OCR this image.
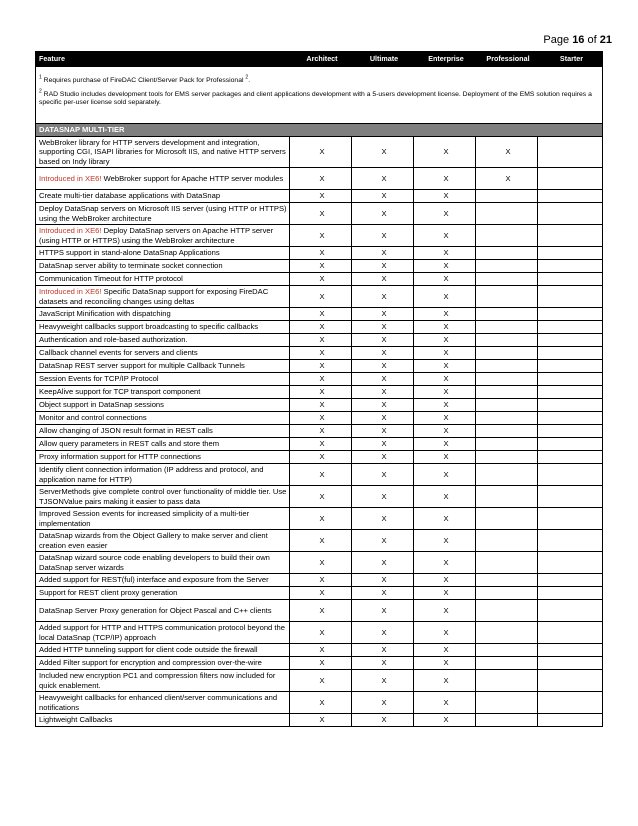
Page 16 of 21
Feature	Architect	Ultimate	Enterprise	Professional	Starter

$^1$ Requires purchase of FireDAC Client/Server Pack for Professional $^2$.

$^2$ RAD Studio includes development tools for EMS server packages and client applications development with a 5-users development license. Deployment of the EMS solution requires a specific per-user license sold separately.					

DATASNAP MULTI-TIER					
WebBroker library for HTTP servers development and integration, supporting CGI, ISAPI libraries for Microsoft IIS, and native HTTP servers based on Indy library	X	X	X	X	
Introduced in XE6! WebBroker support for Apache HTTP server modules	X	X	X	X	
Create multi-tier database applications with DataSnap	X	X	X		
Deploy DataSnap servers on Microsoft IIS server (using HTTP or HTTPS) using the WebBroker architecture	X	X	X		
Introduced in XE6! Deploy DataSnap servers on Apache HTTP server (using HTTP or HTTPS) using the WebBroker architecture	X	X	X		
HTTPS support in stand-alone DataSnap Applications	X	X	X		
DataSnap server ability to terminate socket connection	X	X	X		
Communication Timeout for HTTP protocol	X	X	X		
Introduced in XE6! Specific DataSnap support for exposing FireDAC datasets and reconciling changes using deltas	X	X	X		
JavaScript Minification with dispatching	X	X	X		
Heavyweight callbacks support broadcasting to specific callbacks	X	X	X		
Authentication and role-based authorization.	X	X	X		
Callback channel events for servers and clients	X	X	X		
DataSnap REST server support for multiple Callback Tunnels	X	X	X		
Session Events for TCP/IP Protocol	X	X	X		
KeepAlive support for TCP transport component	X	X	X		
Object support in DataSnap sessions	X	X	X		
Monitor and control connections	X	X	X		
Allow changing of JSON result format in REST calls	X	X	X		
Allow query parameters in REST calls and store them	X	X	X		
Proxy information support for HTTP connections	X	X	X		
Identify client connection information (IP address and protocol, and application name for HTTP)	X	X	X		
ServerMethods give complete control over functionality of middle tier. Use TJSONValue pairs making it easier to pass data	X	X	X		
Improved Session events for increased simplicity of a multi-tier implementation	X	X	X		
DataSnap wizards from the Object Gallery to make server and client creation even easier	X	X	X		
DataSnap wizard source code enabling developers to build their own DataSnap server wizards	X	X	X		
Added support for REST(ful) interface and exposure from the Server	X	X	X		
Support for REST client proxy generation	X	X	X		
DataSnap Server Proxy generation for Object Pascal and C++ clients	X	X	X		
Added support for HTTP and HTTPS communication protocol beyond the local DataSnap (TCP/IP) approach	X	X	X		
Added HTTP tunneling support for client code outside the firewall	X	X	X		
Added Filter support for encryption and compression over-the-wire	X	X	X		
Included new encryption PC1 and compression filters now included for quick enablement.	X	X	X		
Heavyweight callbacks for enhanced client/server communications and notifications	X	X	X		
Lightweight Callbacks	X	X	X		
